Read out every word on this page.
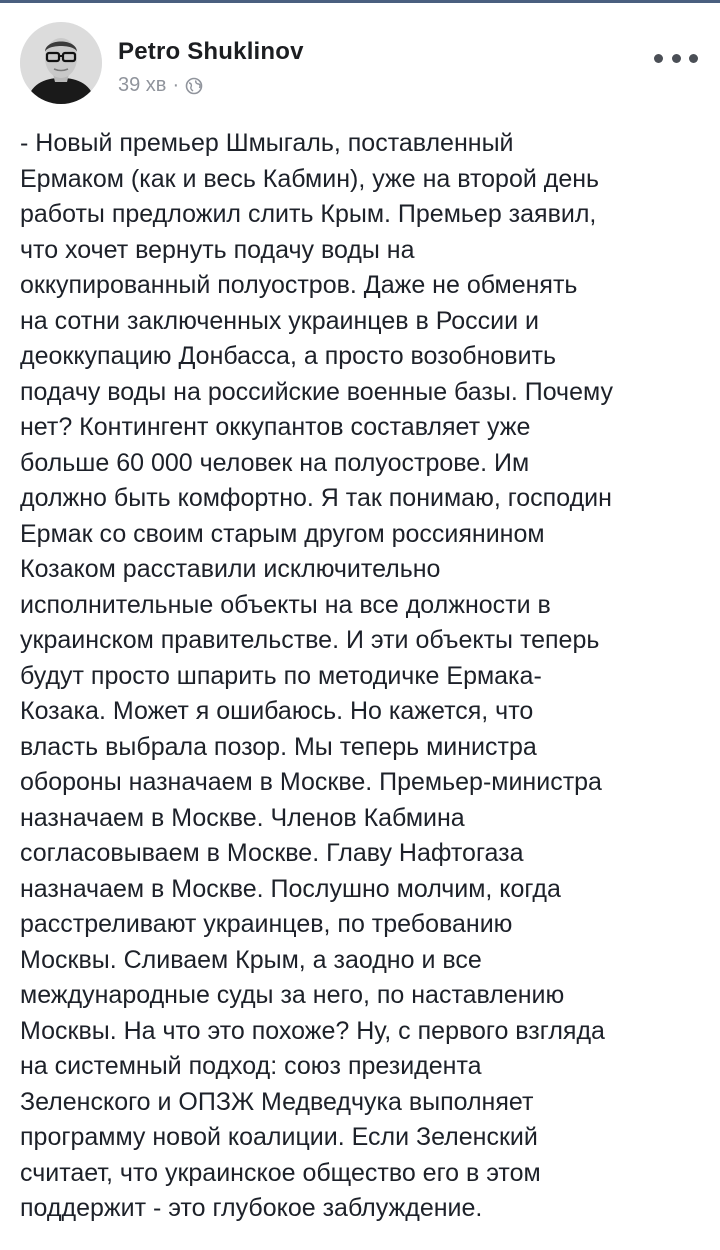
Petro Shuklinov
39 хв ·

- Новый премьер Шмыгаль, поставленный
Ермаком (как и весь Кабмин), уже на второй день
работы предложил слить Крым. Премьер заявил,
что хочет вернуть подачу воды на
оккупированный полуостров. Даже не обменять
на сотни заключенных украинцев в России и
деоккупацию Донбасса, а просто возобновить
подачу воды на российские военные базы. Почему
нет? Контингент оккупантов составляет уже
больше 60 000 человек на полуострове. Им
должно быть комфортно. Я так понимаю, господин
Ермак со своим старым другом россиянином
Козаком расставили исключительно
исполнительные объекты на все должности в
украинском правительстве. И эти объекты теперь
будут просто шпарить по методичке Ермака-
Козака. Может я ошибаюсь. Но кажется, что
власть выбрала позор. Мы теперь министра
обороны назначаем в Москве. Премьер-министра
назначаем в Москве. Членов Кабмина
согласовываем в Москве. Главу Нафтогаза
назначаем в Москве. Послушно молчим, когда
расстреливают украинцев, по требованию
Москвы. Сливаем Крым, а заодно и все
международные суды за него, по наставлению
Москвы. На что это похоже? Ну, с первого взгляда
на системный подход: союз президента
Зеленского и ОПЗЖ Медведчука выполняет
программу новой коалиции. Если Зеленский
считает, что украинское общество его в этом
поддержит - это глубокое заблуждение.
